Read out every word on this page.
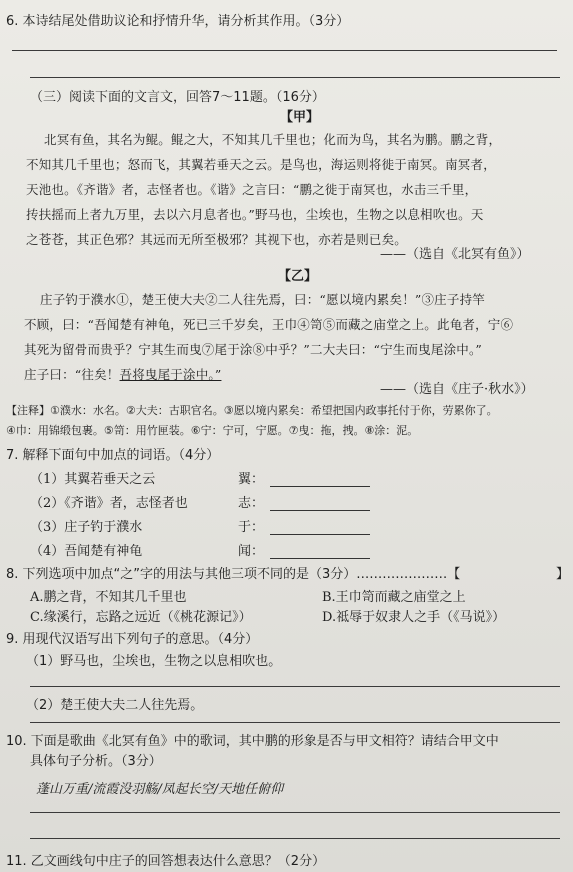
6. 本诗结尾处借助议论和抒情升华，请分析其作用。（3分）
（三）阅读下面的文言文，回答7～11题。（16分）
【甲】
北冥有鱼，其名为鲲。鲲之大，不知其几千里也；化而为鸟，其名为鹏。鹏之背，
不知其几千里也；怒而飞，其翼若垂天之云。是鸟也，海运则将徙于南冥。南冥者，
天池也。《齐谐》者，志怪者也。《谐》之言曰：“鹏之徙于南冥也，水击三千里，
抟扶摇而上者九万里，去以六月息者也。”野马也，尘埃也，生物之以息相吹也。天
之苍苍，其正色邪？其远而无所至极邪？其视下也，亦若是则已矣。
——（选自《北冥有鱼》）
【乙】
庄子钓于濮水①，楚王使大夫②二人往先焉，曰：“愿以境内累矣！”③庄子持竿
不顾，曰：“吾闻楚有神龟，死已三千岁矣，王巾④笥⑤而藏之庙堂之上。此龟者，宁⑥
其死为留骨而贵乎？宁其生而曳⑦尾于涂⑧中乎？”二大夫曰：“宁生而曳尾涂中。”
庄子曰：“往矣！吾将曳尾于涂中。”
——（选自《庄子·秋水》）
【注释】①濮水：水名。②大夫：古职官名。③愿以境内累矣：希望把国内政事托付于你，劳累你了。
④巾：用锦缎包裹。⑤笥：用竹匣装。⑥宁：宁可，宁愿。⑦曳：拖，拽。⑧涂：泥。
7. 解释下面句中加点的词语。（4分）
（1）其翼若垂天之云	翼：
（2）《齐谐》者，志怪者也	志：
（3）庄子钓于濮水	于：
（4）吾闻楚有神龟	闻：
8. 下列选项中加点“之”字的用法与其他三项不同的是（3分）…………………【	】
A.鹏之背，不知其几千里也	B.王巾笥而藏之庙堂之上
C.缘溪行，忘路之远近（《桃花源记》）	D.祗辱于奴隶人之手（《马说》）
9. 用现代汉语写出下列句子的意思。（4分）
（1）野马也，尘埃也，生物之以息相吹也。
（2）楚王使大夫二人往先焉。
10. 下面是歌曲《北冥有鱼》中的歌词，其中鹏的形象是否与甲文相符？请结合甲文中
具体句子分析。（3分）
蓬山万重/流霞没羽觞/凤起长空/天地任俯仰
11. 乙文画线句中庄子的回答想表达什么意思？（2分）
